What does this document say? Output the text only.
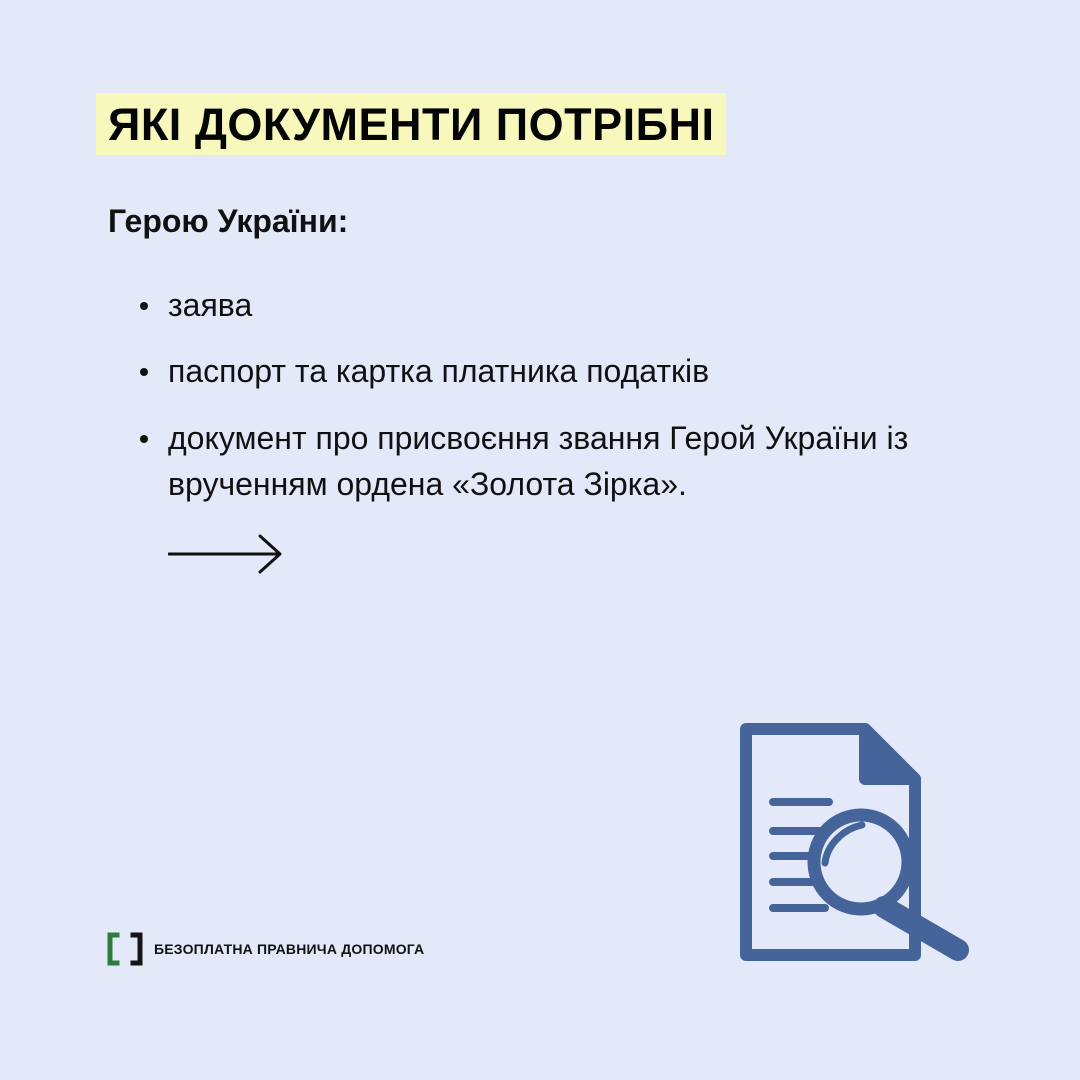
ЯКІ ДОКУМЕНТИ ПОТРІБНІ

Герою України:

заява
паспорт та картка платника податків
документ про присвоєння звання Герой України із врученням ордена «Золота Зірка».
БЕЗОПЛАТНА ПРАВНИЧА ДОПОМОГА
